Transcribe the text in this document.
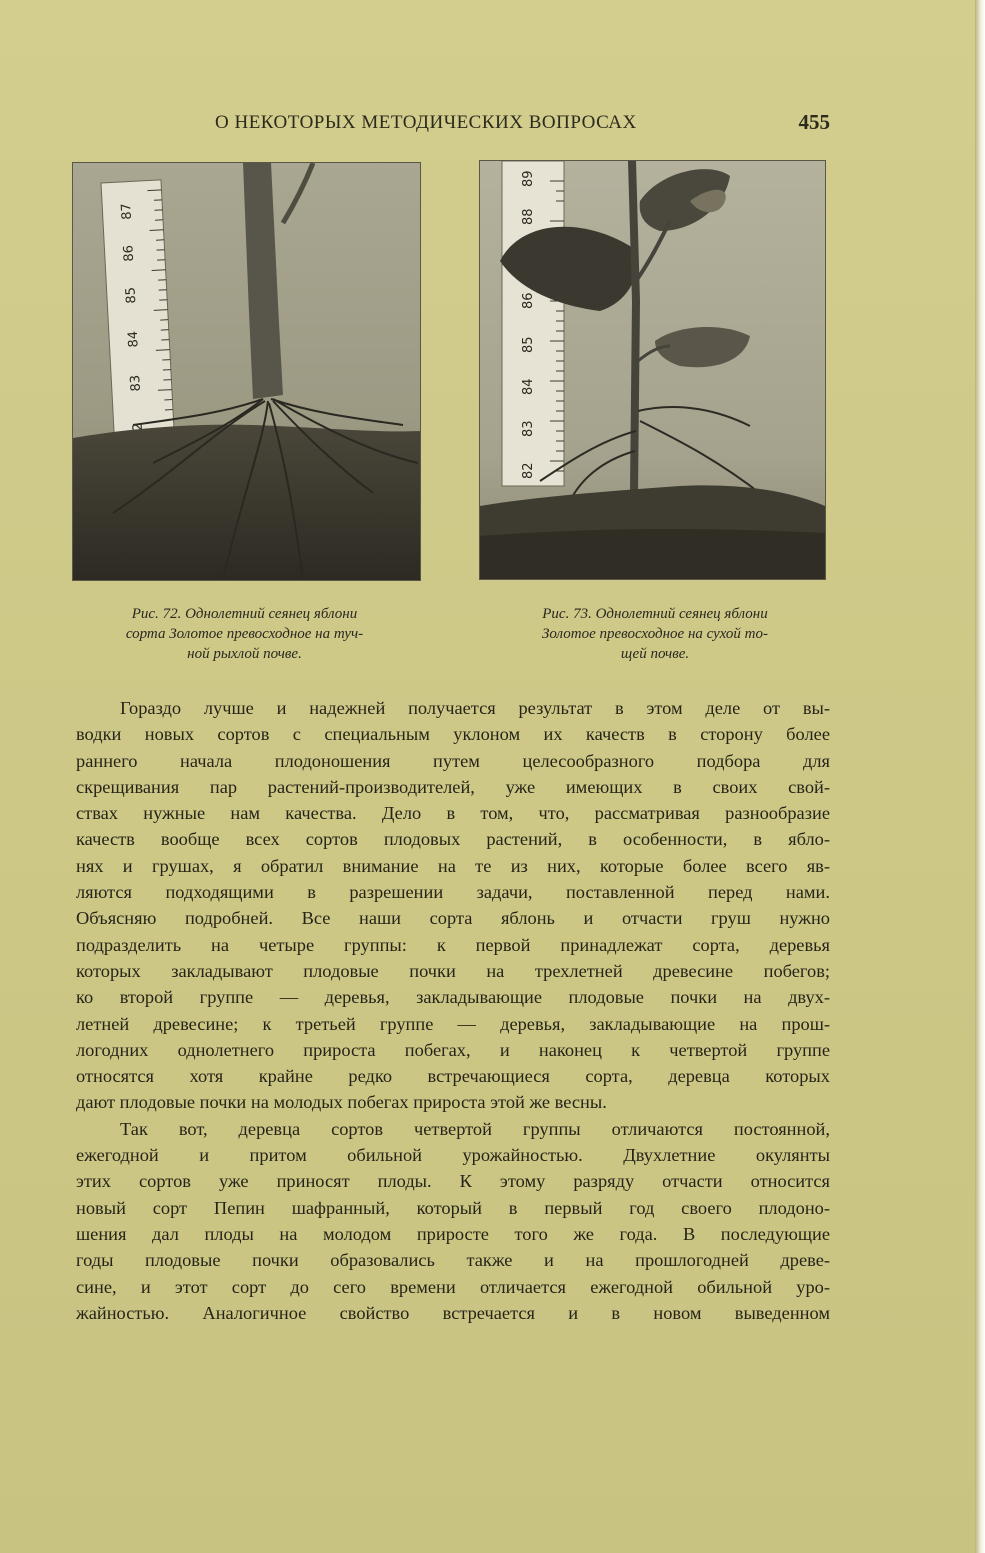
О НЕКОТОРЫХ МЕТОДИЧЕСКИХ ВОПРОСАХ	455
87
86
85
84
83
Рис. 72. Однолетний сеянец яблони
сорта Золотое превосходное на туч-
ной рыхлой почве.
89
88
86
85
84
83
82
Рис. 73. Однолетний сеянец яблони
Золотое превосходное на сухой то-
щей почве.
Гораздо лучше и надежней получается результат в этом деле от вы-
водки новых сортов с специальным уклоном их качеств в сторону более
раннего начала плодоношения путем целесообразного подбора для
скрещивания пар растений-производителей, уже имеющих в своих свой-
ствах нужные нам качества. Дело в том, что, рассматривая разнообразие
качеств вообще всех сортов плодовых растений, в особенности, в ябло-
нях и грушах, я обратил внимание на те из них, которые более всего яв-
ляются подходящими в разрешении задачи, поставленной перед нами.
Объясняю подробней. Все наши сорта яблонь и отчасти груш нужно
подразделить на четыре группы: к первой принадлежат сорта, деревья
которых закладывают плодовые почки на трехлетней древесине побегов;
ко второй группе — деревья, закладывающие плодовые почки на двух-
летней древесине; к третьей группе — деревья, закладывающие на прош-
логодних однолетнего прироста побегах, и наконец к четвертой группе
относятся хотя крайне редко встречающиеся сорта, деревца которых
дают плодовые почки на молодых побегах прироста этой же весны.
Так вот, деревца сортов четвертой группы отличаются постоянной,
ежегодной и притом обильной урожайностью. Двухлетние окулянты
этих сортов уже приносят плоды. К этому разряду отчасти относится
новый сорт Пепин шафранный, который в первый год своего плодоно-
шения дал плоды на молодом приросте того же года. В последующие
годы плодовые почки образовались также и на прошлогодней древе-
сине, и этот сорт до сего времени отличается ежегодной обильной уро-
жайностью. Аналогичное свойство встречается и в новом выведенном
